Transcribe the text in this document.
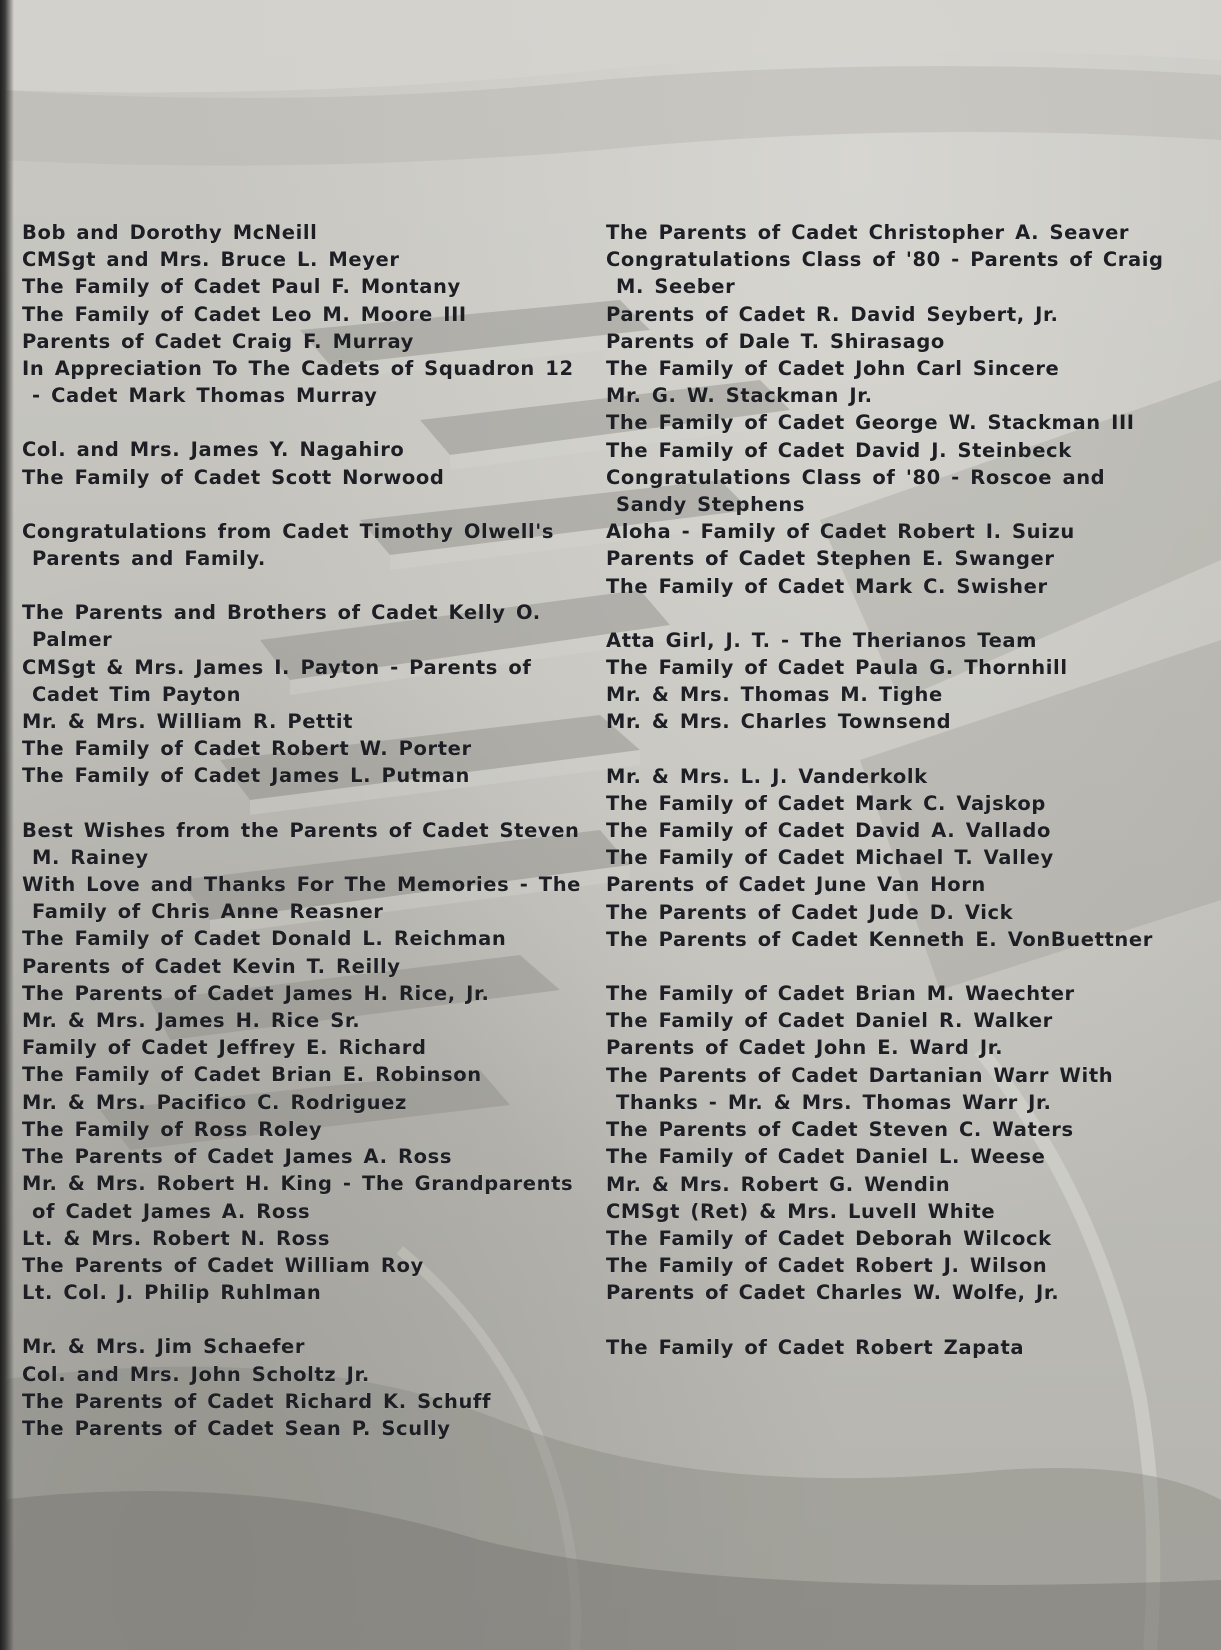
Bob and Dorothy McNeill
CMSgt and Mrs. Bruce L. Meyer
The Family of Cadet Paul F. Montany
The Family of Cadet Leo M. Moore III
Parents of Cadet Craig F. Murray
In Appreciation To The Cadets of Squadron 12 - Cadet Mark Thomas Murray
Col. and Mrs. James Y. Nagahiro
The Family of Cadet Scott Norwood
Congratulations from Cadet Timothy Olwell's Parents and Family.
The Parents and Brothers of Cadet Kelly O. Palmer
CMSgt & Mrs. James I. Payton - Parents of Cadet Tim Payton
Mr. & Mrs. William R. Pettit
The Family of Cadet Robert W. Porter
The Family of Cadet James L. Putman
Best Wishes from the Parents of Cadet Steven M. Rainey
With Love and Thanks For The Memories - The Family of Chris Anne Reasner
The Family of Cadet Donald L. Reichman
Parents of Cadet Kevin T. Reilly
The Parents of Cadet James H. Rice, Jr.
Mr. & Mrs. James H. Rice Sr.
Family of Cadet Jeffrey E. Richard
The Family of Cadet Brian E. Robinson
Mr. & Mrs. Pacifico C. Rodriguez
The Family of Ross Roley
The Parents of Cadet James A. Ross
Mr. & Mrs. Robert H. King - The Grandparents of Cadet James A. Ross
Lt. & Mrs. Robert N. Ross
The Parents of Cadet William Roy
Lt. Col. J. Philip Ruhlman
Mr. & Mrs. Jim Schaefer
Col. and Mrs. John Scholtz Jr.
The Parents of Cadet Richard K. Schuff
The Parents of Cadet Sean P. Scully
The Parents of Cadet Christopher A. Seaver
Congratulations Class of '80 - Parents of Craig M. Seeber
Parents of Cadet R. David Seybert, Jr.
Parents of Dale T. Shirasago
The Family of Cadet John Carl Sincere
Mr. G. W. Stackman Jr.
The Family of Cadet George W. Stackman III
The Family of Cadet David J. Steinbeck
Congratulations Class of '80 - Roscoe and Sandy Stephens
Aloha - Family of Cadet Robert I. Suizu
Parents of Cadet Stephen E. Swanger
The Family of Cadet Mark C. Swisher
Atta Girl, J. T. - The Therianos Team
The Family of Cadet Paula G. Thornhill
Mr. & Mrs. Thomas M. Tighe
Mr. & Mrs. Charles Townsend
Mr. & Mrs. L. J. Vanderkolk
The Family of Cadet Mark C. Vajskop
The Family of Cadet David A. Vallado
The Family of Cadet Michael T. Valley
Parents of Cadet June Van Horn
The Parents of Cadet Jude D. Vick
The Parents of Cadet Kenneth E. VonBuettner
The Family of Cadet Brian M. Waechter
The Family of Cadet Daniel R. Walker
Parents of Cadet John E. Ward Jr.
The Parents of Cadet Dartanian Warr With Thanks - Mr. & Mrs. Thomas Warr Jr.
The Parents of Cadet Steven C. Waters
The Family of Cadet Daniel L. Weese
Mr. & Mrs. Robert G. Wendin
CMSgt (Ret) & Mrs. Luvell White
The Family of Cadet Deborah Wilcock
The Family of Cadet Robert J. Wilson
Parents of Cadet Charles W. Wolfe, Jr.
The Family of Cadet Robert Zapata
